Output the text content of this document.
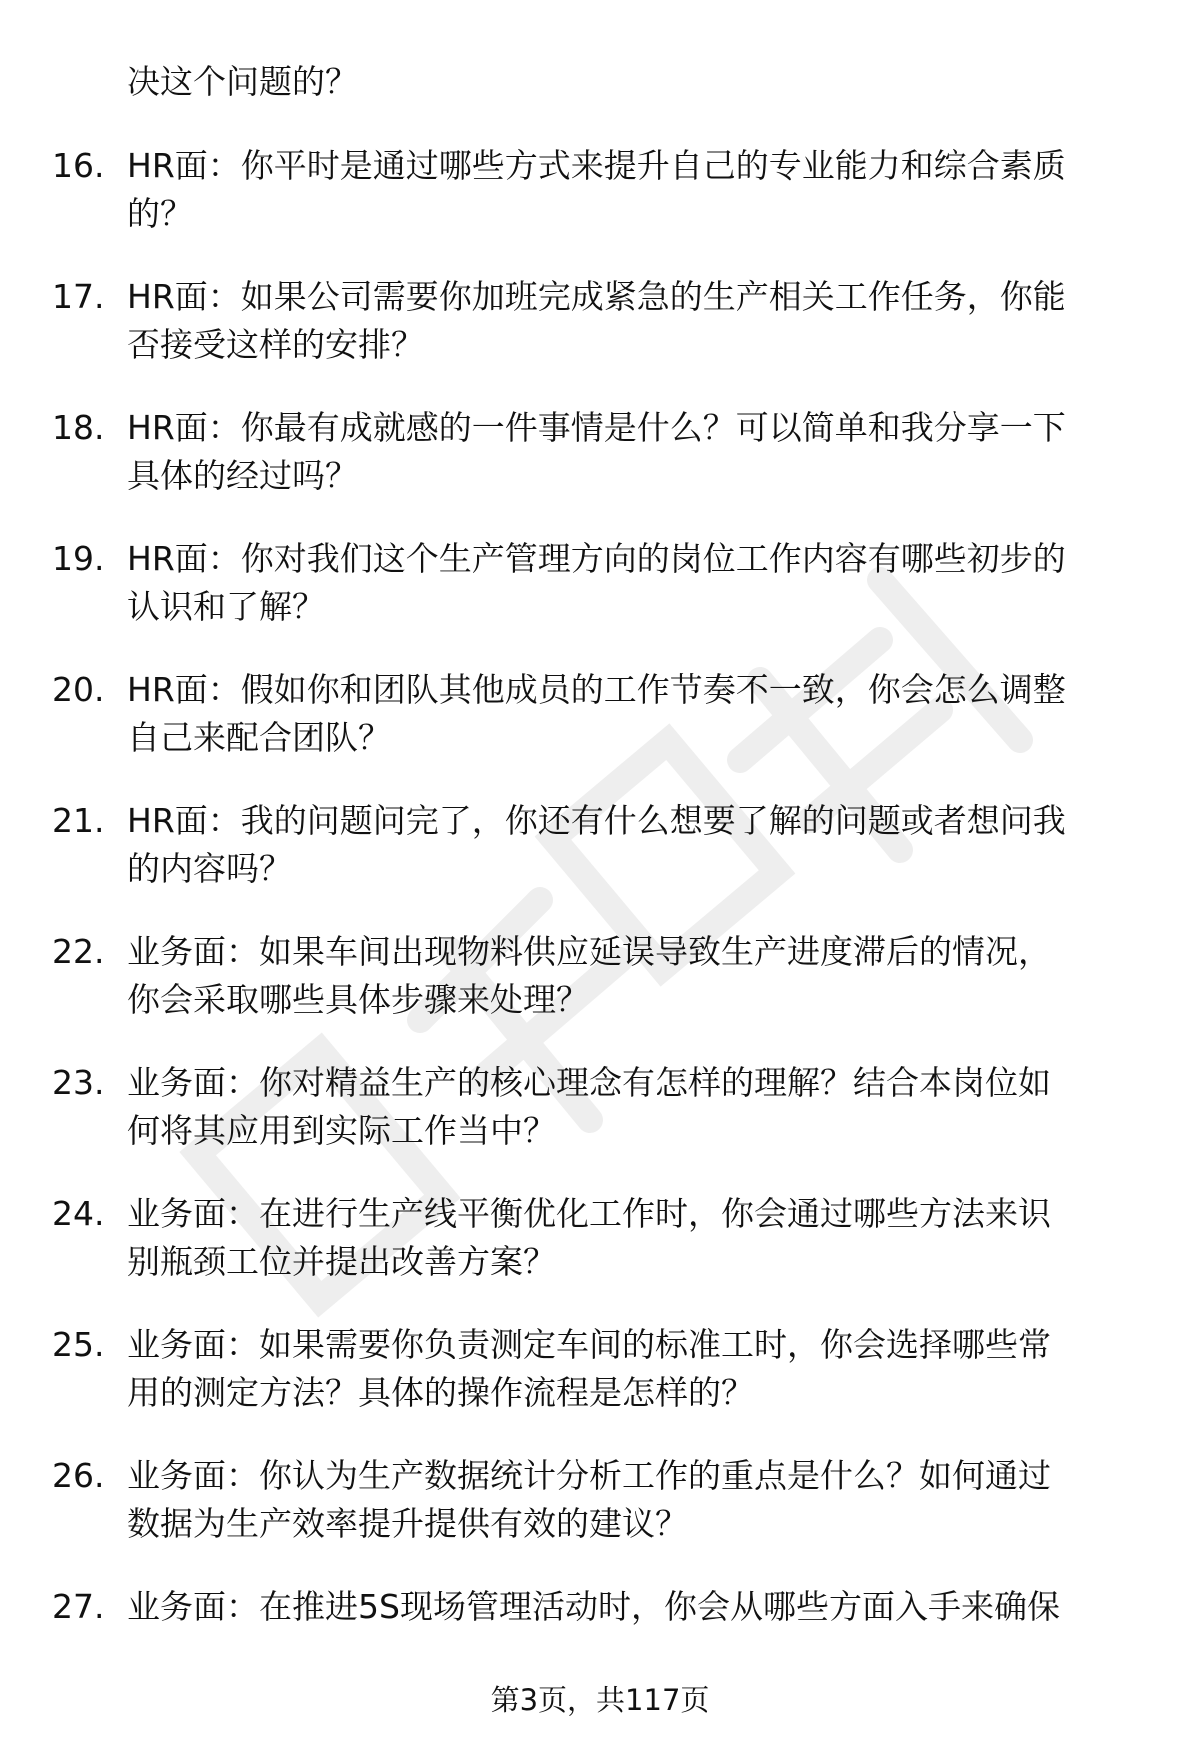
决这个问题的？
16. HR面：你平时是通过哪些方式来提升自己的专业能力和综合素质
的？
17. HR面：如果公司需要你加班完成紧急的生产相关工作任务，你能
否接受这样的安排？
18. HR面：你最有成就感的一件事情是什么？可以简单和我分享一下
具体的经过吗？
19. HR面：你对我们这个生产管理方向的岗位工作内容有哪些初步的
认识和了解？
20. HR面：假如你和团队其他成员的工作节奏不一致，你会怎么调整
自己来配合团队？
21. HR面：我的问题问完了，你还有什么想要了解的问题或者想问我
的内容吗？
22. 业务面：如果车间出现物料供应延误导致生产进度滞后的情况，
你会采取哪些具体步骤来处理？
23. 业务面：你对精益生产的核心理念有怎样的理解？结合本岗位如
何将其应用到实际工作当中？
24. 业务面：在进行生产线平衡优化工作时，你会通过哪些方法来识
别瓶颈工位并提出改善方案？
25. 业务面：如果需要你负责测定车间的标准工时，你会选择哪些常
用的测定方法？具体的操作流程是怎样的？
26. 业务面：你认为生产数据统计分析工作的重点是什么？如何通过
数据为生产效率提升提供有效的建议？
27. 业务面：在推进5S现场管理活动时，你会从哪些方面入手来确保
第3页，共117页
